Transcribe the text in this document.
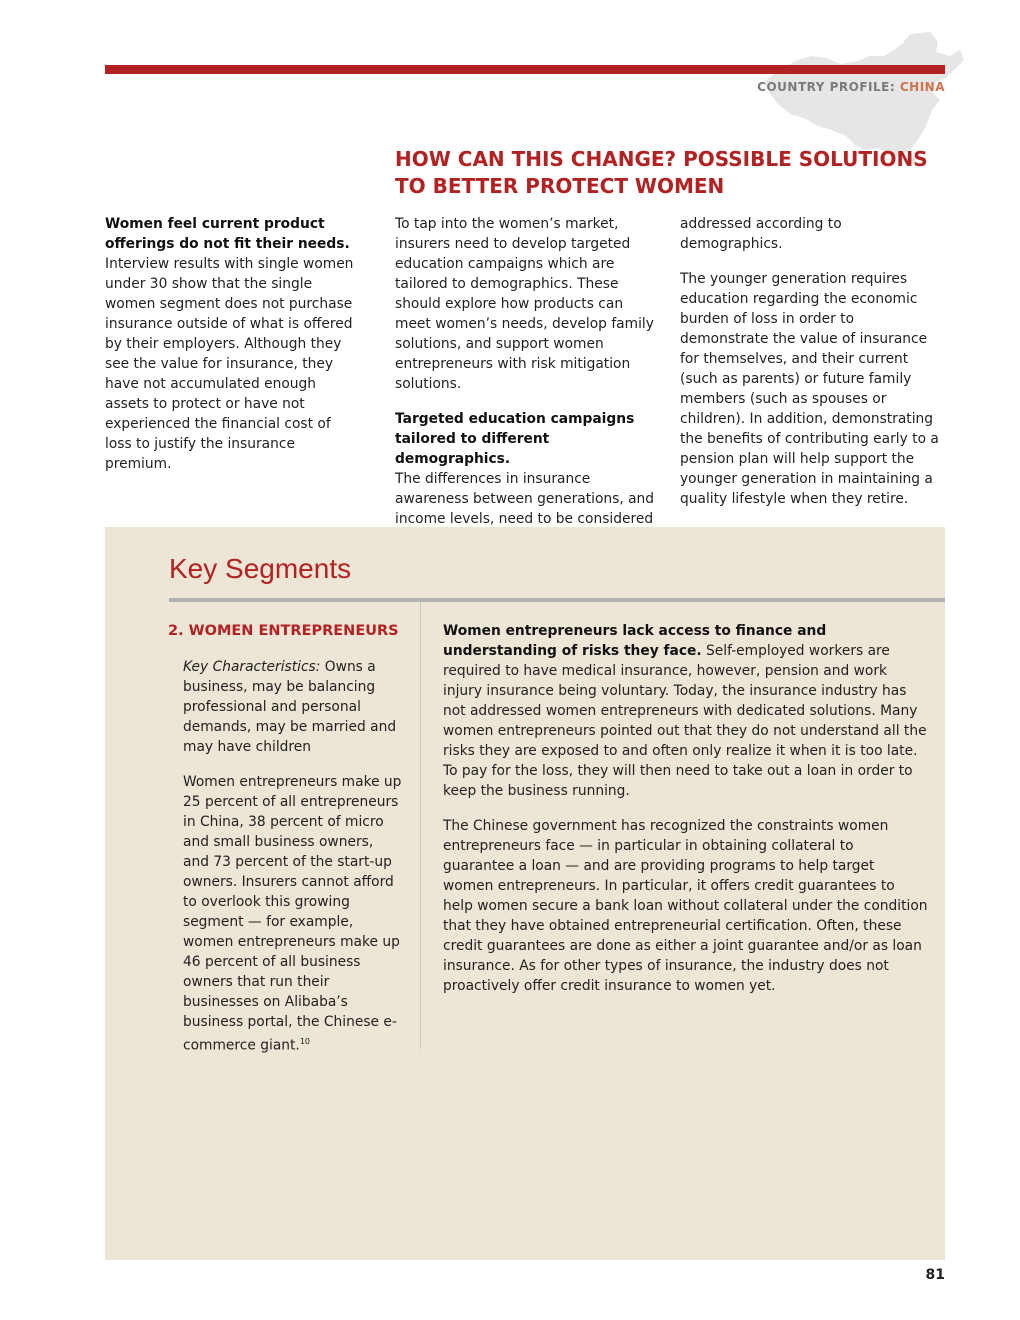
COUNTRY PROFILE: CHINA
HOW CAN THIS CHANGE? POSSIBLE SOLUTIONS
TO BETTER PROTECT WOMEN

Women feel current product offerings do not fit their needs.
Interview results with single women under 30 show that the single women segment does not purchase insurance outside of what is offered by their employers. Although they see the value for insurance, they have not accumulated enough assets to protect or have not experienced the financial cost of loss to justify the insurance premium.

To tap into the women’s market, insurers need to develop targeted education campaigns which are tailored to demographics. These should explore how products can meet women’s needs, develop family solutions, and support women entrepreneurs with risk mitigation solutions.

Targeted education campaigns tailored to different demographics.
The differences in insurance awareness between generations, and income levels, need to be considered

addressed according to demographics.

The younger generation requires education regarding the economic burden of loss in order to demonstrate the value of insurance for themselves, and their current (such as parents) or future family members (such as spouses or children). In addition, demonstrating the benefits of contributing early to a pension plan will help support the younger generation in maintaining a quality lifestyle when they retire.

Key Segments
2. WOMEN ENTREPRENEURS

Key Characteristics: Owns a business, may be balancing professional and personal demands, may be married and may have children

Women entrepreneurs make up 25 percent of all entrepreneurs in China, 38 percent of micro and small business owners, and 73 percent of the start-up owners. Insurers cannot afford to overlook this growing segment — for example, women entrepreneurs make up 46 percent of all business owners that run their businesses on Alibaba’s business portal, the Chinese e-commerce giant.$^{10}$

Women entrepreneurs lack access to finance and understanding of risks they face. Self-employed workers are required to have medical insurance, however, pension and work injury insurance being voluntary. Today, the insurance industry has not addressed women entrepreneurs with dedicated solutions. Many women entrepreneurs pointed out that they do not understand all the risks they are exposed to and often only realize it when it is too late. To pay for the loss, they will then need to take out a loan in order to keep the business running.

The Chinese government has recognized the constraints women entrepreneurs face — in particular in obtaining collateral to guarantee a loan — and are providing programs to help target women entrepreneurs. In particular, it offers credit guarantees to help women secure a bank loan without collateral under the condition that they have obtained entrepreneurial certification. Often, these credit guarantees are done as either a joint guarantee and/or as loan insurance. As for other types of insurance, the industry does not proactively offer credit insurance to women yet.

81
